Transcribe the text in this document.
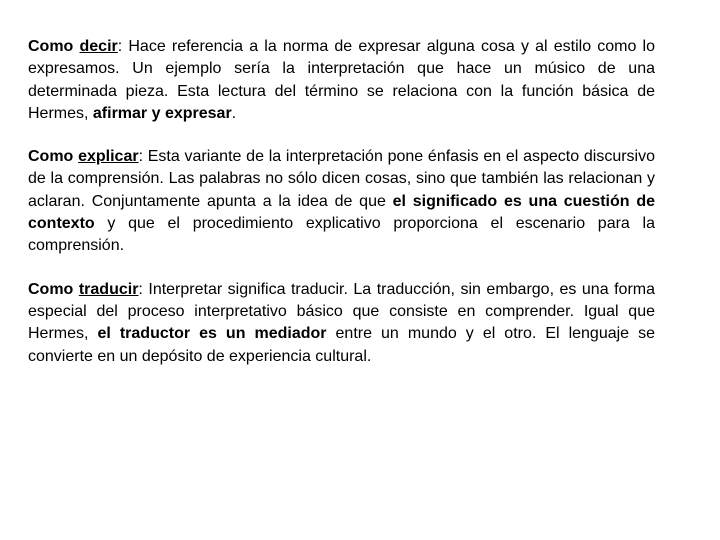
Como decir: Hace referencia a la norma de expresar alguna cosa y al estilo como lo expresamos. Un ejemplo sería la interpretación que hace un músico de una determinada pieza. Esta lectura del término se relaciona con la función básica de Hermes, afirmar y expresar.

Como explicar: Esta variante de la interpretación pone énfasis en el aspecto discursivo de la comprensión. Las palabras no sólo dicen cosas, sino que también las relacionan y aclaran. Conjuntamente apunta a la idea de que el significado es una cuestión de contexto y que el procedimiento explicativo proporciona el escenario para la comprensión.

Como traducir: Interpretar significa traducir. La traducción, sin embargo, es una forma especial del proceso interpretativo básico que consiste en comprender. Igual que Hermes, el traductor es un mediador entre un mundo y el otro. El lenguaje se convierte en un depósito de experiencia cultural.
